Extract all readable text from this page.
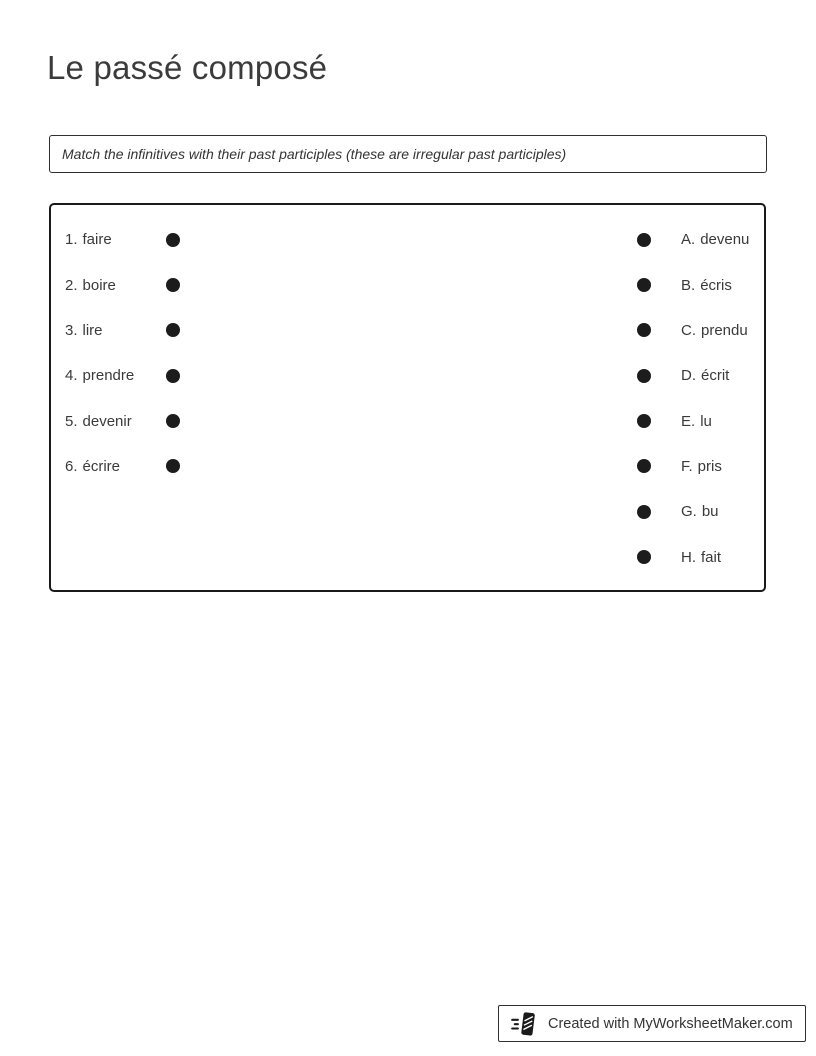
Le passé composé
Match the infinitives with their past participles (these are irregular past participles)
1. faire
2. boire
3. lire
4. prendre
5. devenir
6. écrire
A. devenu
B. écris
C. prendu
D. écrit
E. lu
F. pris
G. bu
H. fait
Created with MyWorksheetMaker.com
